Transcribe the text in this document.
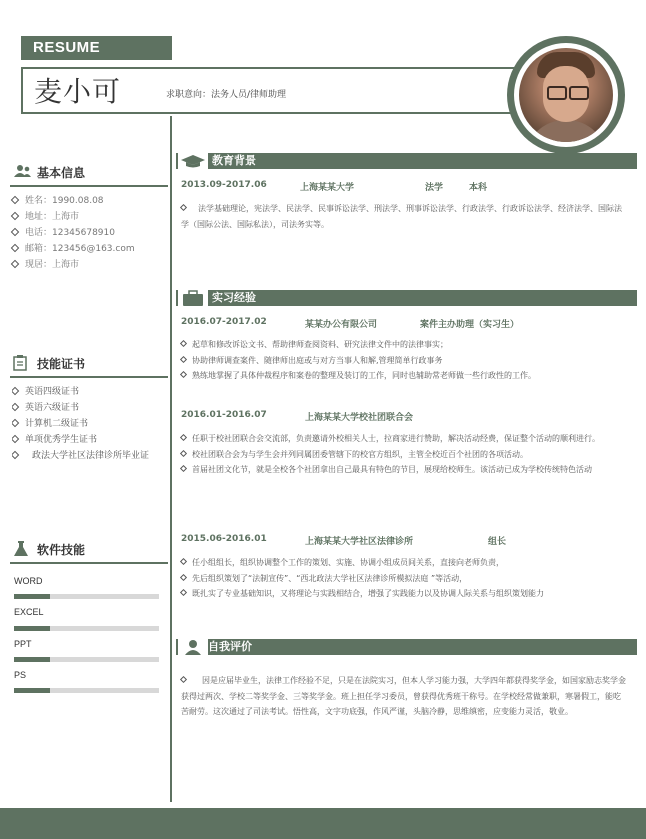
RESUME
麦小可	求职意向：法务人员/律师助理
基本信息
姓名：1990.08.08
地址：上海市
电话：12345678910
邮箱：123456@163.com
现居：上海市
技能证书
英语四级证书
英语六级证书
计算机二级证书
单项优秀学生证书
政法大学社区法律诊所毕业证
软件技能
WORD
EXCEL
PPT
PS
教育背景
2013.09-2017.06	上海某某大学	法学	本科
法学基础理论，宪法学、民法学、民事诉讼法学、刑法学、刑事诉讼法学、行政法学、行政诉讼法学、经济法学、国际法学（国际公法、国际私法），司法务实等。
实习经验
2016.07-2017.02	某某办公有限公司	案件主办助理（实习生）
起草和修改诉讼文书、帮助律师查阅资料、研究法律文件中的法律事实；
协助律师调查案件、随律师出庭或与对方当事人和解,管理简单行政事务
熟练地掌握了具体仲裁程序和案卷的整理及装订的工作，同时也辅助常老师做一些行政性的工作。
2016.01-2016.07	上海某某大学校社团联合会
任职于校社团联合会交流部，负责邀请外校相关人士，拉商家进行赞助，解决活动经费，保证整个活动的顺利进行。
校社团联合会为与学生会并列同属团委管辖下的校官方组织，主管全校近百个社团的各项活动。
首届社团文化节，就是全校各个社团拿出自己最具有特色的节目，展现给校师生。该活动已成为学校传统特色活动
2015.06-2016.01	上海某某大学社区法律诊所	组长
任小组组长，组织协调整个工作的策划、实施、协调小组成员间关系，直接向老师负责，
先后组织策划了“法制宣传”、“西北政法大学社区法律诊所模拟法庭 ”等活动，
既扎实了专业基础知识，又将理论与实践相结合，增强了实践能力以及协调人际关系与组织策划能力
自我评价
因是应届毕业生，法律工作经验不足，只是在法院实习，但本人学习能力强，大学四年都获得奖学金，如国家励志奖学金获得过两次、学校二等奖学金、三等奖学金。班上担任学习委员，曾获得优秀班干称号。在学校经常做兼职，寒暑假工，能吃苦耐劳。这次通过了司法考试。悟性高，文字功底强，作风严谨，头脑冷静，思维缜密，应变能力灵活，敬业。
